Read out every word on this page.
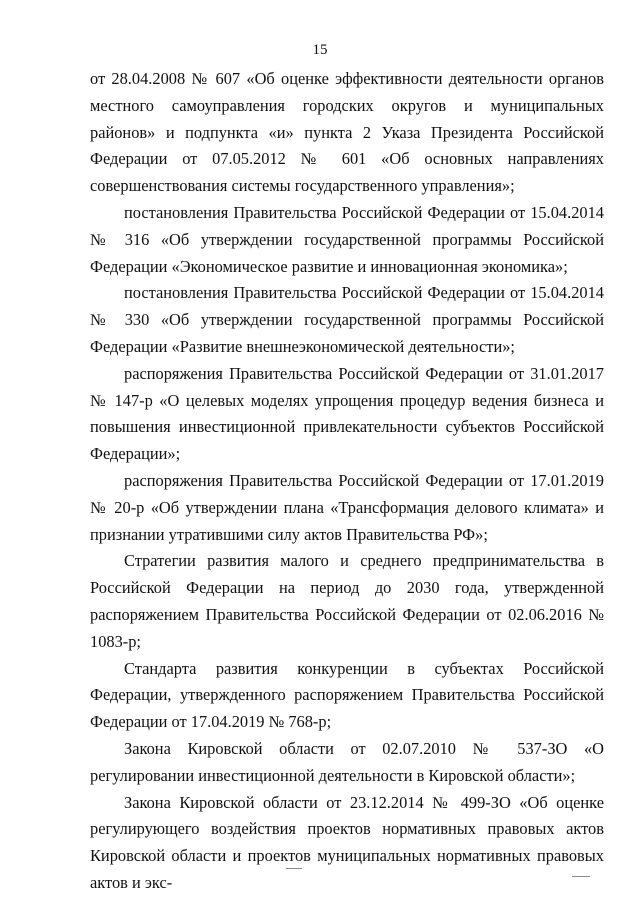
15

от 28.04.2008 № 607 «Об оценке эффективности деятельности органов местного самоуправления городских округов и муниципальных районов» и подпункта «и» пункта 2 Указа Президента Российской Федерации от 07.05.2012 № 601 «Об основных направлениях совершенствования системы государственного управления»;

постановления Правительства Российской Федерации от 15.04.2014 № 316 «Об утверждении государственной программы Российской Федерации «Экономическое развитие и инновационная экономика»;

постановления Правительства Российской Федерации от 15.04.2014 № 330 «Об утверждении государственной программы Российской Федерации «Развитие внешнеэкономической деятельности»;

распоряжения Правительства Российской Федерации от 31.01.2017 № 147-р «О целевых моделях упрощения процедур ведения бизнеса и повышения инвестиционной привлекательности субъектов Российской Федерации»;

распоряжения Правительства Российской Федерации от 17.01.2019 № 20-р «Об утверждении плана «Трансформация делового климата» и признании утратившими силу актов Правительства РФ»;

Стратегии развития малого и среднего предпринимательства в Российской Федерации на период до 2030 года, утвержденной распоряжением Правительства Российской Федерации от 02.06.2016 № 1083-р;

Стандарта развития конкуренции в субъектах Российской Федерации, утвержденного распоряжением Правительства Российской Федерации от 17.04.2019 № 768-р;

Закона Кировской области от 02.07.2010 № 537-ЗО «О регулировании инвестиционной деятельности в Кировской области»;

Закона Кировской области от 23.12.2014 № 499-ЗО «Об оценке регулирующего воздействия проектов нормативных правовых актов Кировской области и проектов муниципальных нормативных правовых актов и экс-
